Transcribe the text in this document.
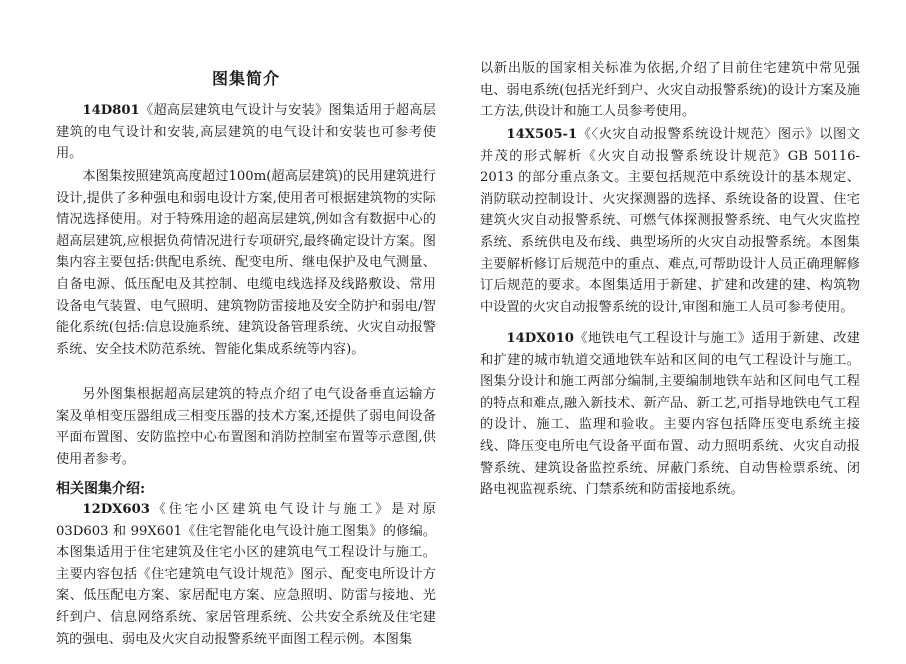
图集简介

14D801《超高层建筑电气设计与安装》图集适用于超高层建筑的电气设计和安装,高层建筑的电气设计和安装也可参考使用。

本图集按照建筑高度超过100m(超高层建筑)的民用建筑进行设计,提供了多种强电和弱电设计方案,使用者可根据建筑物的实际情况选择使用。对于特殊用途的超高层建筑,例如含有数据中心的超高层建筑,应根据负荷情况进行专项研究,最终确定设计方案。图集内容主要包括:供配电系统、配变电所、继电保护及电气测量、自备电源、低压配电及其控制、电缆电线选择及线路敷设、常用设备电气装置、电气照明、建筑物防雷接地及安全防护和弱电/智能化系统(包括:信息设施系统、建筑设备管理系统、火灾自动报警系统、安全技术防范系统、智能化集成系统等内容)。

另外图集根据超高层建筑的特点介绍了电气设备垂直运输方案及单相变压器组成三相变压器的技术方案,还提供了弱电间设备平面布置图、安防监控中心布置图和消防控制室布置等示意图,供使用者参考。

相关图集介绍:

12DX603《住宅小区建筑电气设计与施工》是对原 03D603 和 99X601《住宅智能化电气设计施工图集》的修编。本图集适用于住宅建筑及住宅小区的建筑电气工程设计与施工。主要内容包括《住宅建筑电气设计规范》图示、配变电所设计方案、低压配电方案、家居配电方案、应急照明、防雷与接地、光纤到户、信息网络系统、家居管理系统、公共安全系统及住宅建筑的强电、弱电及火灾自动报警系统平面图工程示例。本图集

以新出版的国家相关标准为依据,介绍了目前住宅建筑中常见强电、弱电系统(包括光纤到户、火灾自动报警系统)的设计方案及施工方法,供设计和施工人员参考使用。

14X505-1《〈火灾自动报警系统设计规范〉图示》以图文并茂的形式解析《火灾自动报警系统设计规范》GB 50116-2013 的部分重点条文。主要包括规范中系统设计的基本规定、消防联动控制设计、火灾探测器的选择、系统设备的设置、住宅建筑火灾自动报警系统、可燃气体探测报警系统、电气火灾监控系统、系统供电及布线、典型场所的火灾自动报警系统。本图集主要解析修订后规范中的重点、难点,可帮助设计人员正确理解修订后规范的要求。本图集适用于新建、扩建和改建的建、构筑物中设置的火灾自动报警系统的设计,审图和施工人员可参考使用。

14DX010《地铁电气工程设计与施工》适用于新建、改建和扩建的城市轨道交通地铁车站和区间的电气工程设计与施工。图集分设计和施工两部分编制,主要编制地铁车站和区间电气工程的特点和难点,融入新技术、新产品、新工艺,可指导地铁电气工程的设计、施工、监理和验收。主要内容包括降压变电系统主接线、降压变电所电气设备平面布置、动力照明系统、火灾自动报警系统、建筑设备监控系统、屏蔽门系统、自动售检票系统、闭路电视监视系统、门禁系统和防雷接地系统。
